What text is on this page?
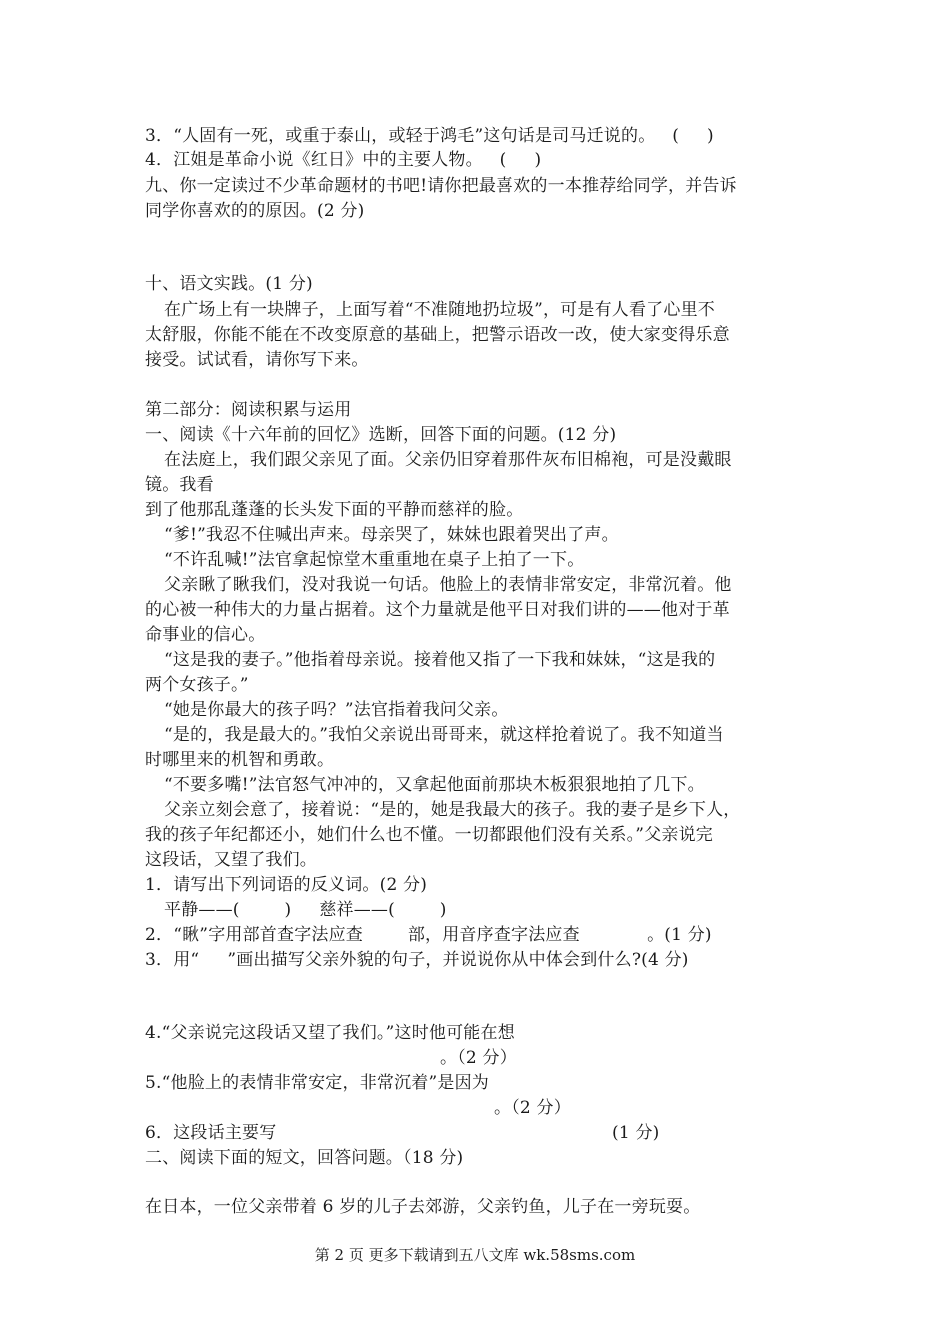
3．“人固有一死，或重于泰山，或轻于鸿毛”这句话是司马迁说的。   (     )
4．江姐是革命小说《红日》中的主要人物。   (     )
九、你一定读过不少革命题材的书吧!请你把最喜欢的一本推荐给同学，并告诉
同学你喜欢的的原因。(2 分)
十、语文实践。(1 分)
在广场上有一块牌子，上面写着“不准随地扔垃圾”，可是有人看了心里不
太舒服，你能不能在不改变原意的基础上，把警示语改一改，使大家变得乐意
接受。试试看，请你写下来。
第二部分：阅读积累与运用
一、阅读《十六年前的回忆》选断，回答下面的问题。(12 分)
在法庭上，我们跟父亲见了面。父亲仍旧穿着那件灰布旧棉袍，可是没戴眼
镜。我看
到了他那乱蓬蓬的长头发下面的平静而慈祥的脸。
“爹!”我忍不住喊出声来。母亲哭了，妹妹也跟着哭出了声。
“不许乱喊!”法官拿起惊堂木重重地在桌子上拍了一下。
父亲瞅了瞅我们，没对我说一句话。他脸上的表情非常安定，非常沉着。他
的心被一种伟大的力量占据着。这个力量就是他平日对我们讲的——他对于革
命事业的信心。
“这是我的妻子。”他指着母亲说。接着他又指了一下我和妹妹，“这是我的
两个女孩子。”
“她是你最大的孩子吗？”法官指着我问父亲。
“是的，我是最大的。”我怕父亲说出哥哥来，就这样抢着说了。我不知道当
时哪里来的机智和勇敢。
“不要多嘴!”法官怒气冲冲的，又拿起他面前那块木板狠狠地拍了几下。
父亲立刻会意了，接着说：“是的，她是我最大的孩子。我的妻子是乡下人，
我的孩子年纪都还小，她们什么也不懂。一切都跟他们没有关系。”父亲说完
这段话，又望了我们。
1．请写出下列词语的反义词。(2 分)
平静——(        )     慈祥——(        )
2．“瞅”字用部首查字法应查        部，用音序查字法应查            。(1 分)
3．用“     ”画出描写父亲外貌的句子，并说说你从中体会到什么?(4 分)
4.“父亲说完这段话又望了我们。”这时他可能在想
。（2 分）
5.“他脸上的表情非常安定，非常沉着”是因为
。（2 分）
6．这段话主要写	(1 分)
二、阅读下面的短文，回答问题。（18 分)
在日本，一位父亲带着 6 岁的儿子去郊游，父亲钓鱼，儿子在一旁玩耍。
第 2 页 更多下载请到五八文库 wk.58sms.com
